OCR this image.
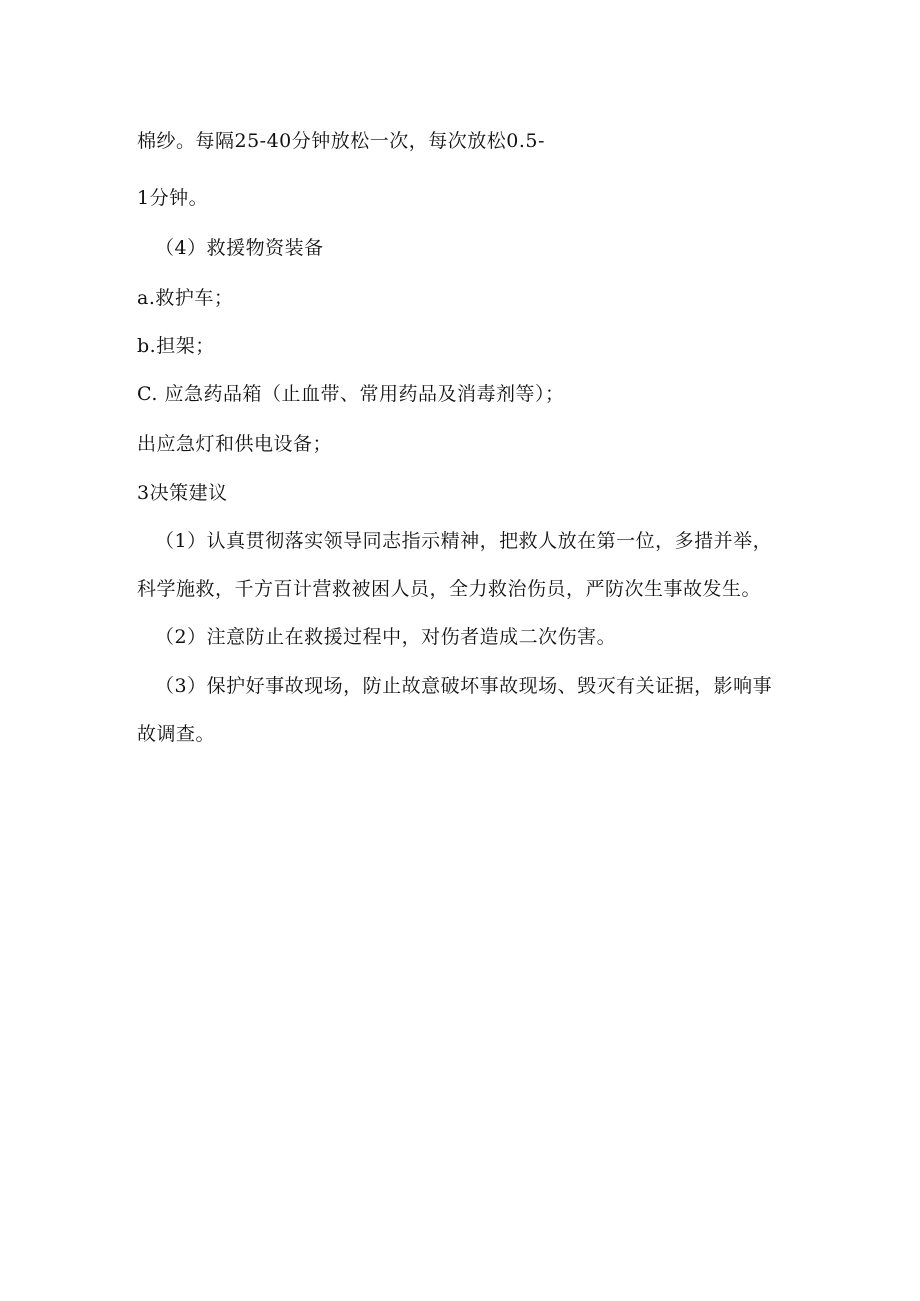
棉纱。每隔25-40分钟放松一次，每次放松0.5-
1分钟。
（4）救援物资装备
a.救护车；
b.担架；
C. 应急药品箱（止血带、常用药品及消毒剂等）；
出应急灯和供电设备；
3决策建议
（1）认真贯彻落实领导同志指示精神，把救人放在第一位，多措并举，
科学施救，千方百计营救被困人员，全力救治伤员，严防次生事故发生。
（2）注意防止在救援过程中，对伤者造成二次伤害。
（3）保护好事故现场，防止故意破坏事故现场、毁灭有关证据，影响事
故调查。
